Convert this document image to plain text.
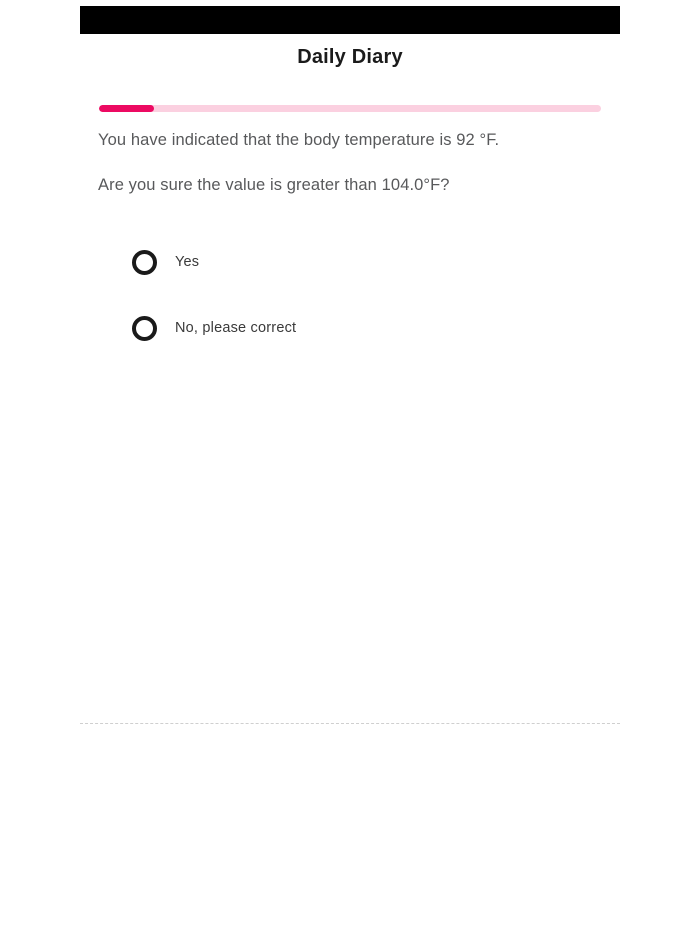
Daily Diary

You have indicated that the body temperature is 92 °F.

Are you sure the value is greater than 104.0°F?

Yes
No, please correct
